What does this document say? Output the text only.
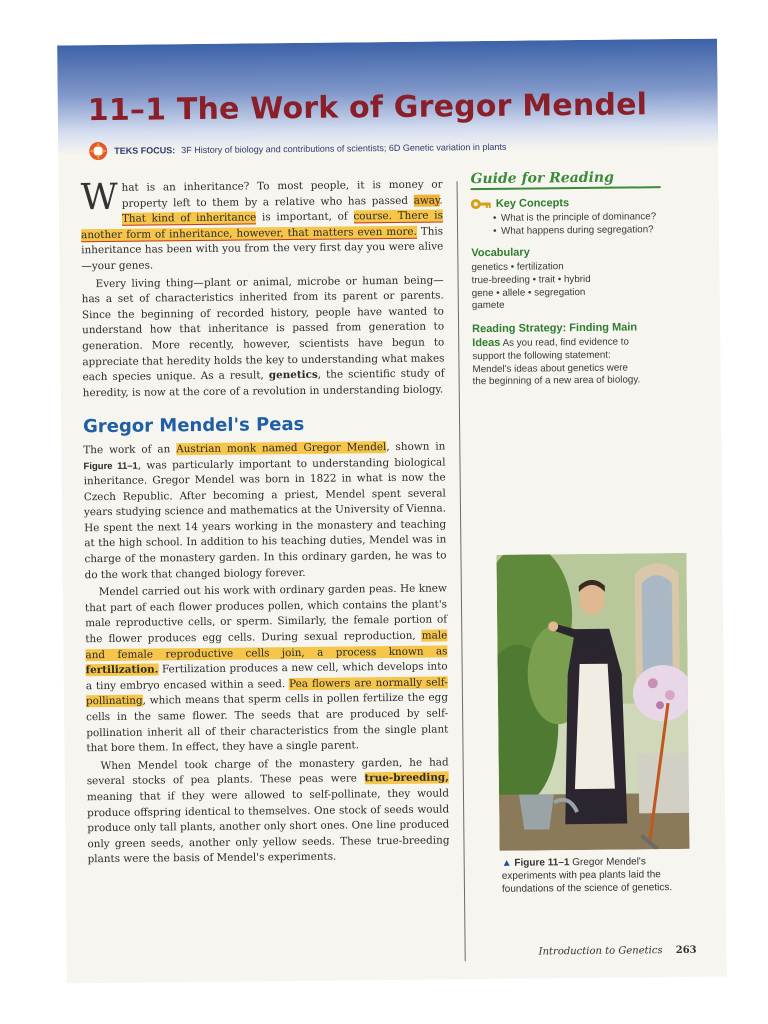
11–1 The Work of Gregor Mendel
TEKS FOCUS: 3F History of biology and contributions of scientists; 6D Genetic variation in plants

What is an inheritance? To most people, it is money or property left to them by a relative who has passed away. That kind of inheritance is important, of course. There is another form of inheritance, however, that matters even more. This inheritance has been with you from the very first day you were alive—your genes.

Every living thing—plant or animal, microbe or human being—has a set of characteristics inherited from its parent or parents. Since the beginning of recorded history, people have wanted to understand how that inheritance is passed from generation to generation. More recently, however, scientists have begun to appreciate that heredity holds the key to understanding what makes each species unique. As a result, genetics, the scientific study of heredity, is now at the core of a revolution in understanding biology.

Gregor Mendel's Peas

The work of an Austrian monk named Gregor Mendel, shown in Figure 11–1, was particularly important to understanding biological inheritance. Gregor Mendel was born in 1822 in what is now the Czech Republic. After becoming a priest, Mendel spent several years studying science and mathematics at the University of Vienna. He spent the next 14 years working in the monastery and teaching at the high school. In addition to his teaching duties, Mendel was in charge of the monastery garden. In this ordinary garden, he was to do the work that changed biology forever.

Mendel carried out his work with ordinary garden peas. He knew that part of each flower produces pollen, which contains the plant's male reproductive cells, or sperm. Similarly, the female portion of the flower produces egg cells. During sexual reproduction, male and female reproductive cells join, a process known as fertilization. Fertilization produces a new cell, which develops into a tiny embryo encased within a seed. Pea flowers are normally self-pollinating, which means that sperm cells in pollen fertilize the egg cells in the same flower. The seeds that are produced by self-pollination inherit all of their characteristics from the single plant that bore them. In effect, they have a single parent.

When Mendel took charge of the monastery garden, he had several stocks of pea plants. These peas were true-breeding, meaning that if they were allowed to self-pollinate, they would produce offspring identical to themselves. One stock of seeds would produce only tall plants, another only short ones. One line produced only green seeds, another only yellow seeds. These true-breeding plants were the basis of Mendel's experiments.

Guide for Reading
Key Concepts
• What is the principle of dominance?
• What happens during segregation?
Vocabulary
genetics • fertilization
true-breeding • trait • hybrid
gene • allele • segregation
gamete
Reading Strategy: Finding Main Ideas As you read, find evidence to support the following statement: Mendel's ideas about genetics were the beginning of a new area of biology.
▲ Figure 11–1 Gregor Mendel's experiments with pea plants laid the foundations of the science of genetics.
Introduction to Genetics 263
